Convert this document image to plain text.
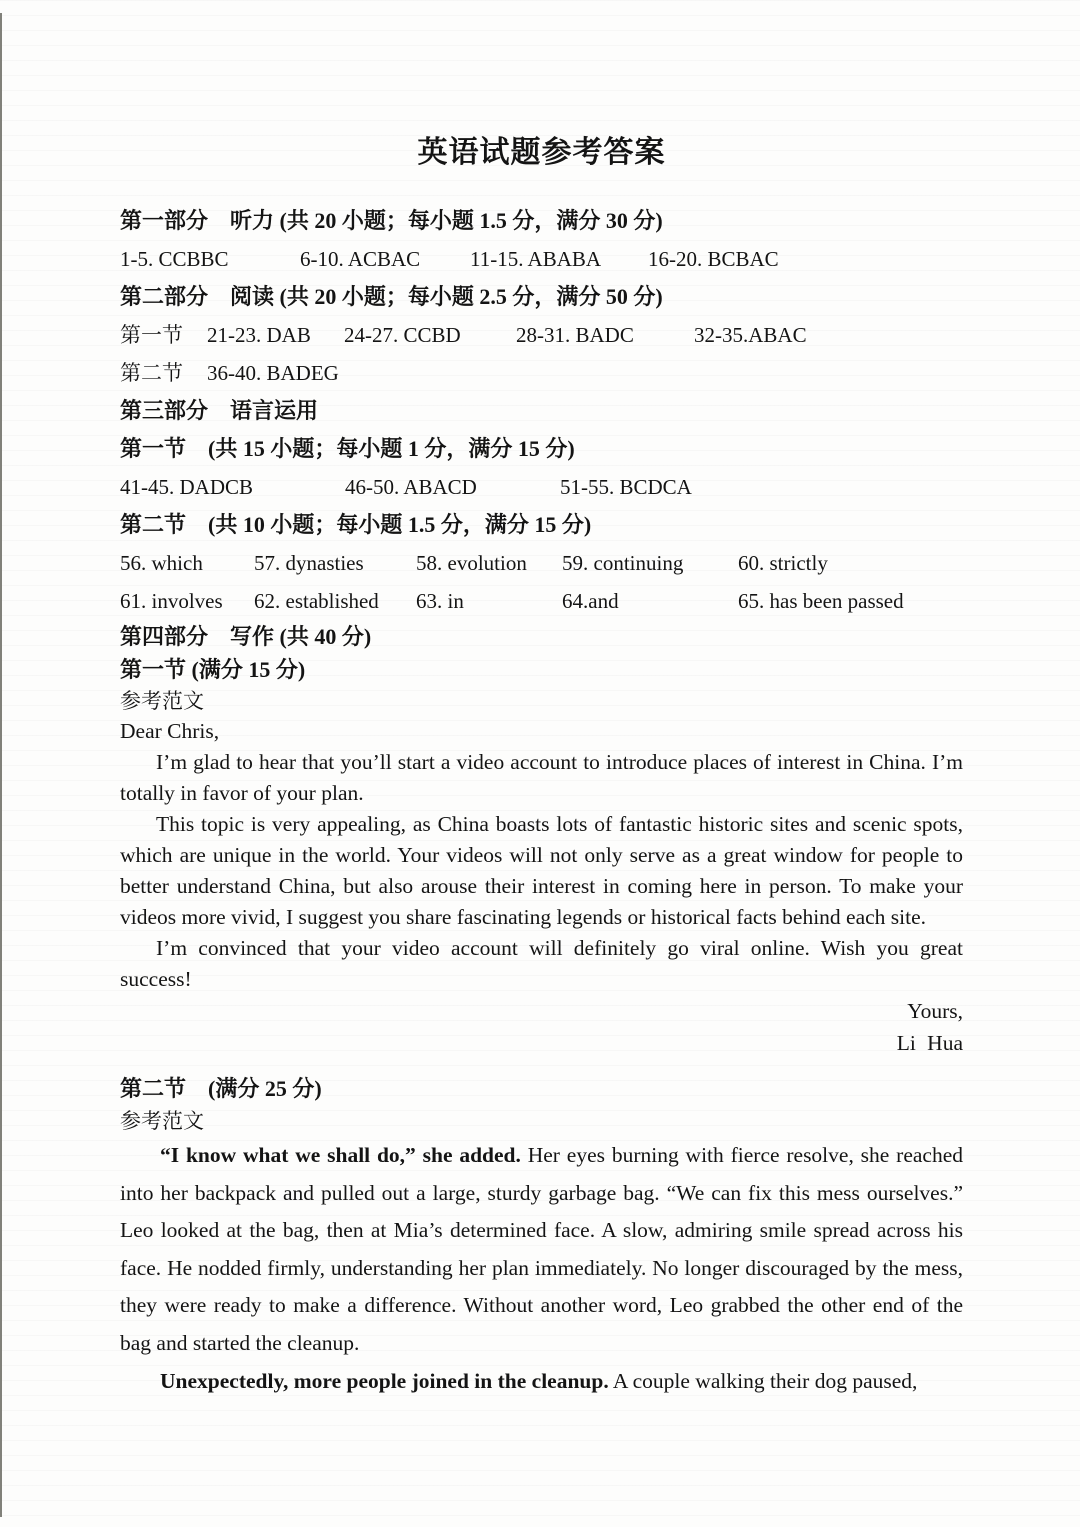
英语试题参考答案
第一部分　听力 (共 20 小题；每小题 1.5 分，满分 30 分)
1-5. CCBBC	6-10. ACBAC 11-15. ABABA 16-20. BCBAC
第二部分　阅读 (共 20 小题；每小题 2.5 分，满分 50 分)
第一节 21-23. DAB 24-27. CCBD	28-31. BADC	32-35.ABAC
第二节 36-40. BADEG
第三部分　语言运用
第一节　(共 15 小题；每小题 1 分，满分 15 分)
41-45. DADCB	46-50. ABACD	51-55. BCDCA
第二节　(共 10 小题；每小题 1.5 分，满分 15 分)
56. which 57. dynasties 58. evolution 59. continuing	60. strictly
61. involves 62. established 63. in	64.and	65. has been passed
第四部分　写作 (共 40 分)
第一节 (满分 15 分)
参考范文
Dear Chris,

I’m glad to hear that you’ll start a video account to introduce places of interest in China. I’m totally in favor of your plan.

This topic is very appealing, as China boasts lots of fantastic historic sites and scenic spots, which are unique in the world. Your videos will not only serve as a great window for people to better understand China, but also arouse their interest in coming here in person. To make your videos more vivid, I suggest you share fascinating legends or historical facts behind each site.

I’m convinced that your video account will definitely go viral online. Wish you great success!

Yours,
Li Hua
第二节　(满分 25 分)
参考范文

“I know what we shall do,” she added. Her eyes burning with fierce resolve, she reached into her backpack and pulled out a large, sturdy garbage bag. “We can fix this mess ourselves.” Leo looked at the bag, then at Mia’s determined face. A slow, admiring smile spread across his face. He nodded firmly, understanding her plan immediately. No longer discouraged by the mess, they were ready to make a difference. Without another word, Leo grabbed the other end of the bag and started the cleanup.

Unexpectedly, more people joined in the cleanup. A couple walking their dog paused,
